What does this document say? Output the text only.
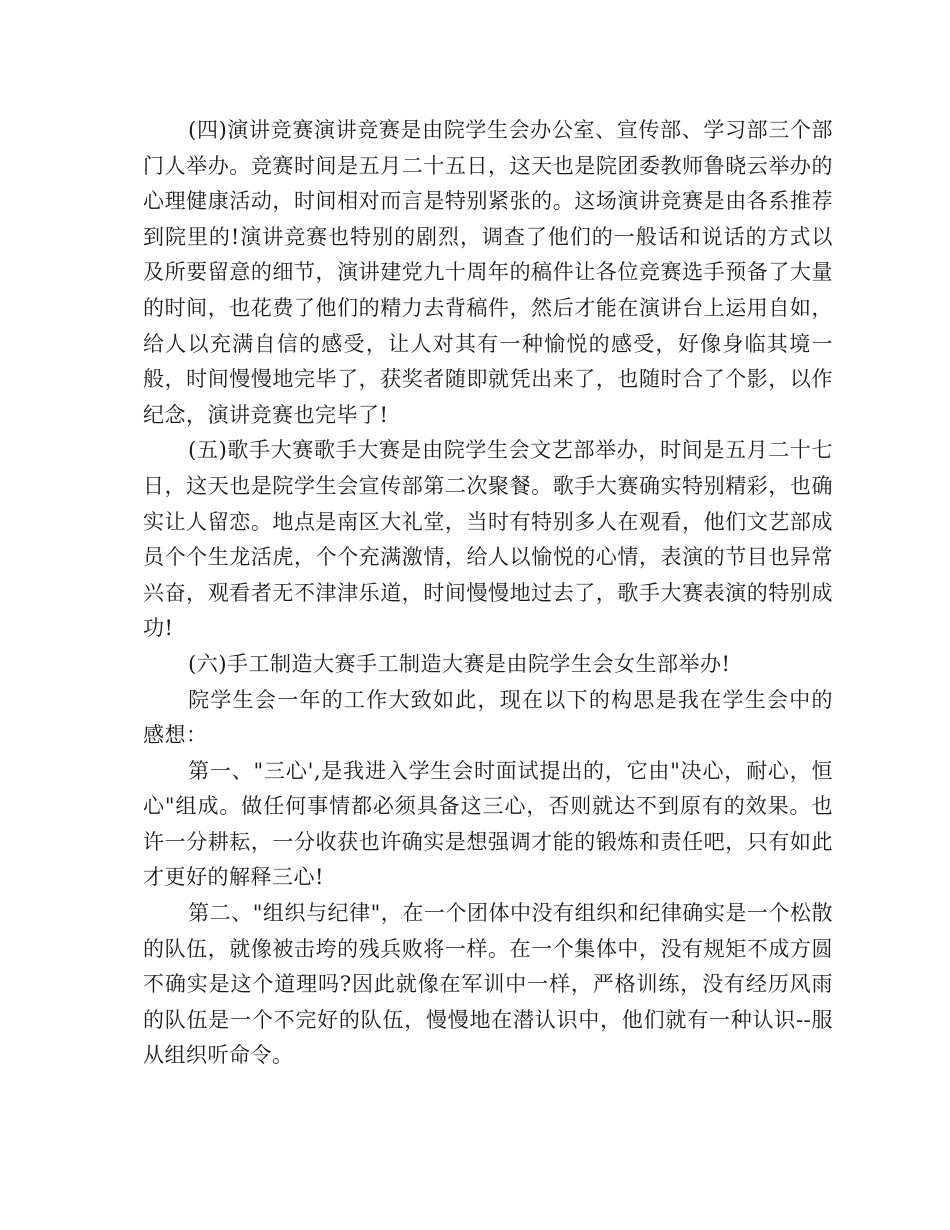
(四)演讲竞赛演讲竞赛是由院学生会办公室、宣传部、学习部三个部门人举办。竞赛时间是五月二十五日，这天也是院团委教师鲁晓云举办的心理健康活动，时间相对而言是特别紧张的。这场演讲竞赛是由各系推荐到院里的!演讲竞赛也特别的剧烈，调查了他们的一般话和说话的方式以及所要留意的细节，演讲建党九十周年的稿件让各位竞赛选手预备了大量的时间，也花费了他们的精力去背稿件，然后才能在演讲台上运用自如，给人以充满自信的感受，让人对其有一种愉悦的感受，好像身临其境一般，时间慢慢地完毕了，获奖者随即就凭出来了，也随时合了个影，以作纪念，演讲竞赛也完毕了!

(五)歌手大赛歌手大赛是由院学生会文艺部举办，时间是五月二十七日，这天也是院学生会宣传部第二次聚餐。歌手大赛确实特别精彩，也确实让人留恋。地点是南区大礼堂，当时有特别多人在观看，他们文艺部成员个个生龙活虎，个个充满激情，给人以愉悦的心情，表演的节目也异常兴奋，观看者无不津津乐道，时间慢慢地过去了，歌手大赛表演的特别成功!

(六)手工制造大赛手工制造大赛是由院学生会女生部举办!

院学生会一年的工作大致如此，现在以下的构思是我在学生会中的感想：

第一、"三心',是我进入学生会时面试提出的，它由"决心，耐心，恒心"组成。做任何事情都必须具备这三心，否则就达不到原有的效果。也许一分耕耘，一分收获也许确实是想强调才能的锻炼和责任吧，只有如此才更好的解释三心!

第二、"组织与纪律"，在一个团体中没有组织和纪律确实是一个松散的队伍，就像被击垮的残兵败将一样。在一个集体中，没有规矩不成方圆不确实是这个道理吗?因此就像在军训中一样，严格训练，没有经历风雨的队伍是一个不完好的队伍，慢慢地在潜认识中，他们就有一种认识--服从组织听命令。
